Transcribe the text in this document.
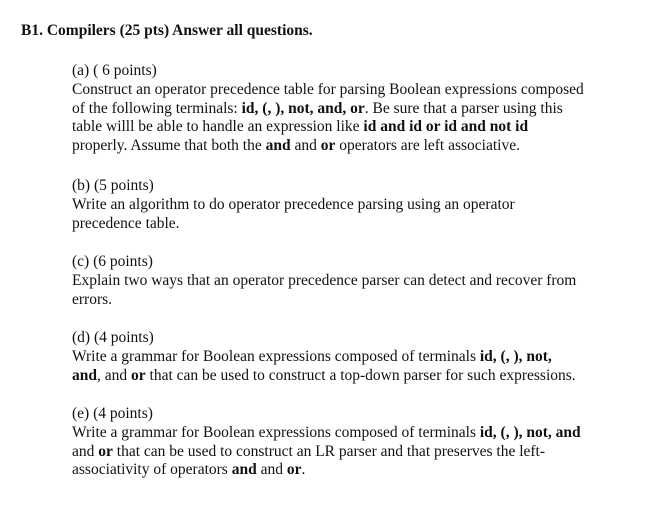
B1. Compilers (25 pts) Answer all questions.
(a) ( 6 points)
Construct an operator precedence table for parsing Boolean expressions composed
of the following terminals: id, (, ), not, and, or. Be sure that a parser using this
table willl be able to handle an expression like id and id or id and not id
properly. Assume that both the and and or operators are left associative.
(b) (5 points)
Write an algorithm to do operator precedence parsing using an operator
precedence table.
(c) (6 points)
Explain two ways that an operator precedence parser can detect and recover from
errors.
(d) (4 points)
Write a grammar for Boolean expressions composed of terminals id, (, ), not,
and, and or that can be used to construct a top-down parser for such expressions.
(e) (4 points)
Write a grammar for Boolean expressions composed of terminals id, (, ), not, and
and or that can be used to construct an LR parser and that preserves the left-
associativity of operators and and or.
